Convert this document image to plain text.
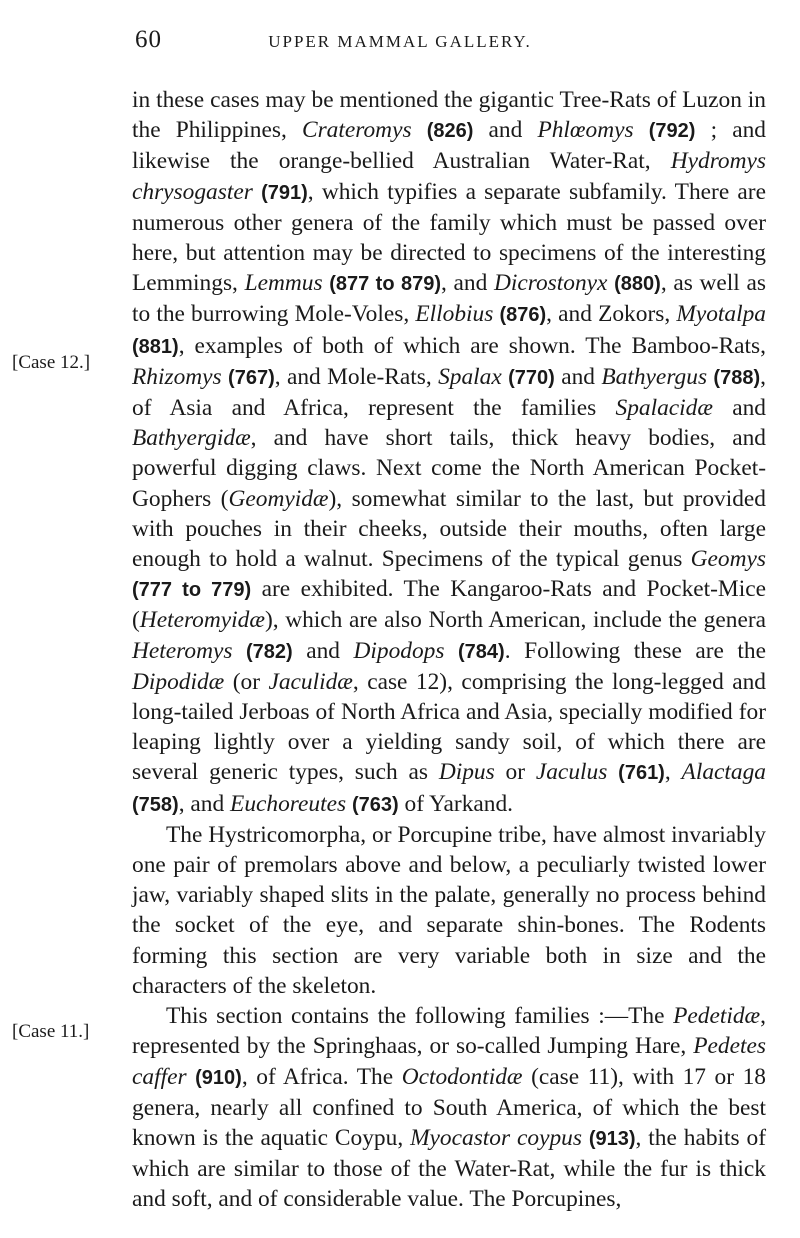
60	UPPER MAMMAL GALLERY.
[Case 12.]
[Case 11.]

in these cases may be mentioned the gigantic Tree-Rats of Luzon in the Philippines, Crateromys (826) and Phlœomys (792) ; and likewise the orange-bellied Australian Water-Rat, Hydromys chrysogaster (791), which typifies a separate subfamily. There are numerous other genera of the family which must be passed over here, but attention may be directed to specimens of the interesting Lemmings, Lemmus (877 to 879), and Dicrostonyx (880), as well as to the burrowing Mole-Voles, Ellobius (876), and Zokors, Myotalpa (881), examples of both of which are shown. The Bamboo-Rats, Rhizomys (767), and Mole-Rats, Spalax (770) and Bathyergus (788), of Asia and Africa, represent the families Spalacidæ and Bathyergidæ, and have short tails, thick heavy bodies, and powerful digging claws. Next come the North American Pocket-Gophers (Geomyidæ), somewhat similar to the last, but provided with pouches in their cheeks, outside their mouths, often large enough to hold a walnut. Specimens of the typical genus Geomys (777 to 779) are exhibited. The Kangaroo-Rats and Pocket-Mice (Heteromyidæ), which are also North American, include the genera Heteromys (782) and Dipodops (784). Following these are the Dipodidæ (or Jaculidæ, case 12), comprising the long-legged and long-tailed Jerboas of North Africa and Asia, specially modified for leaping lightly over a yielding sandy soil, of which there are several generic types, such as Dipus or Jaculus (761), Alactaga (758), and Euchoreutes (763) of Yarkand.

The Hystricomorpha, or Porcupine tribe, have almost invariably one pair of premolars above and below, a peculiarly twisted lower jaw, variably shaped slits in the palate, generally no process behind the socket of the eye, and separate shin-bones. The Rodents forming this section are very variable both in size and the characters of the skeleton.

This section contains the following families :—The Pedetidæ, represented by the Springhaas, or so-called Jumping Hare, Pedetes caffer (910), of Africa. The Octodontidæ (case 11), with 17 or 18 genera, nearly all confined to South America, of which the best known is the aquatic Coypu, Myocastor coypus (913), the habits of which are similar to those of the Water-Rat, while the fur is thick and soft, and of considerable value. The Porcupines,
